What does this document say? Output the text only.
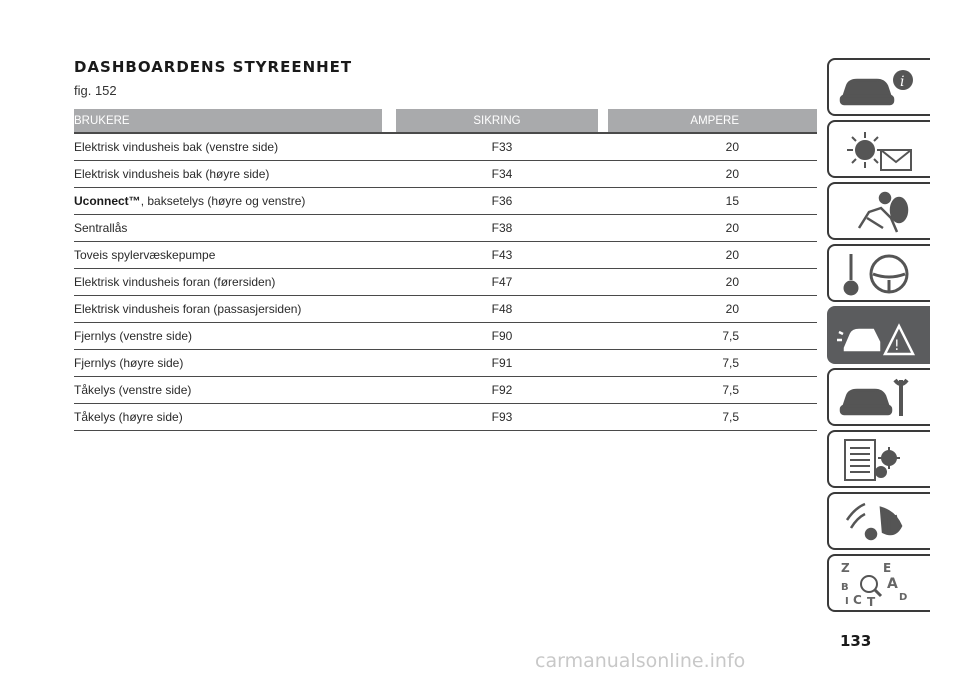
DASHBOARDENS STYREENHET
fig. 152
BRUKERE	SIKRING	AMPERE
Elektrisk vindusheis bak (venstre side)	F33	20
Elektrisk vindusheis bak (høyre side)	F34	20
Uconnect™, baksetelys (høyre og venstre)	F36	15
Sentrallås	F38	20
Toveis spylervæskepumpe	F43	20
Elektrisk vindusheis foran (førersiden)	F47	20
Elektrisk vindusheis foran (passasjersiden)	F48	20
Fjernlys (venstre side)	F90	7,5
Fjernlys (høyre side)	F91	7,5
Tåkelys (venstre side)	F92	7,5
Tåkelys (høyre side)	F93	7,5
i
!
Z	E
B	A
C	D
T
I
133
carmanualsonline.info
